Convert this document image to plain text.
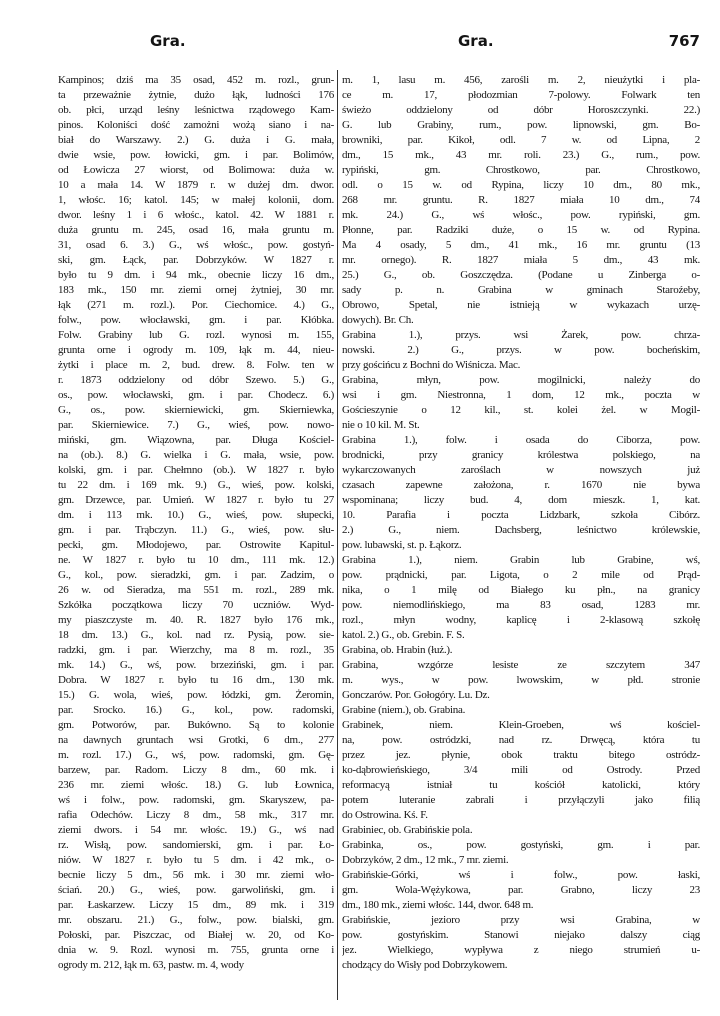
Gra.	Gra.	767
Kampinos; dziś ma 35 osad, 452 m. rozl., grun-
ta przeważnie żytnie, dużo łąk, ludności 176
ob. płci, urząd leśny leśnictwa rządowego Kam-
pinos. Koloniści dość zamożni wożą siano i na-
biał do Warszawy. 2.) G. duża i G. mała,
dwie wsie, pow. łowicki, gm. i par. Bolimów,
od Łowicza 27 wiorst, od Bolimowa: duża w.
10 a mała 14. W 1879 r. w dużej dm. dwor.
1, włośc. 16; katol. 145; w małej kolonii, dom.
dwor. leśny 1 i 6 włośc., katol. 42. W 1881 r.
duża gruntu m. 245, osad 16, mała gruntu m.
31, osad 6. 3.) G., wś włośc., pow. gostyń-
ski, gm. Łąck, par. Dobrzyków. W 1827 r.
było tu 9 dm. i 94 mk., obecnie liczy 16 dm.,
183 mk., 150 mr. ziemi ornej żytniej, 30 mr.
łąk (271 m. rozl.). Por. Ciechomice. 4.) G.,
folw., pow. włocławski, gm. i par. Kłóbka.
Folw. Grabiny lub G. rozl. wynosi m. 155,
grunta orne i ogrody m. 109, łąk m. 44, nieu-
żytki i place m. 2, bud. drew. 8. Folw. ten w
r. 1873 oddzielony od dóbr Szewo. 5.) G.,
os., pow. włocławski, gm. i par. Chodecz. 6.)
G., os., pow. skierniewicki, gm. Skierniewka,
par. Skierniewice. 7.) G., wieś, pow. nowo-
miński, gm. Wiązowna, par. Długa Kościel-
na (ob.). 8.) G. wielka i G. mała, wsie, pow.
kolski, gm. i par. Chełmno (ob.). W 1827 r. było
tu 22 dm. i 169 mk. 9.) G., wieś, pow. kolski,
gm. Drzewce, par. Umień. W 1827 r. było tu 27
dm. i 113 mk. 10.) G., wieś, pow. słupecki,
gm. i par. Trąbczyn. 11.) G., wieś, pow. słu-
pecki, gm. Młodojewo, par. Ostrowite Kapitul-
ne. W 1827 r. było tu 10 dm., 111 mk. 12.)
G., kol., pow. sieradzki, gm. i par. Zadzim, o
26 w. od Sieradza, ma 551 m. rozl., 289 mk.
Szkółka początkowa liczy 70 uczniów. Wyd-
my piaszczyste m. 40. R. 1827 było 176 mk.,
18 dm. 13.) G., kol. nad rz. Pysią, pow. sie-
radzki, gm. i par. Wierzchy, ma 8 m. rozl., 35
mk. 14.) G., wś, pow. brzeziński, gm. i par.
Dobra. W 1827 r. było tu 16 dm., 130 mk.
15.) G. wola, wieś, pow. łódzki, gm. Żeromin,
par. Srocko. 16.) G., kol., pow. radomski,
gm. Potworów, par. Bukówno. Są to kolonie
na dawnych gruntach wsi Grotki, 6 dm., 277
m. rozl. 17.) G., wś, pow. radomski, gm. Gę-
barzew, par. Radom. Liczy 8 dm., 60 mk. i
236 mr. ziemi włośc. 18.) G. lub Łownica,
wś i folw., pow. radomski, gm. Skaryszew, pa-
rafia Odechów. Liczy 8 dm., 58 mk., 317 mr.
ziemi dwors. i 54 mr. włośc. 19.) G., wś nad
rz. Wisłą, pow. sandomierski, gm. i par. Ło-
niów. W 1827 r. było tu 5 dm. i 42 mk., o-
becnie liczy 5 dm., 56 mk. i 30 mr. ziemi wło-
ściań. 20.) G., wieś, pow. garwoliński, gm. i
par. Łaskarzew. Liczy 15 dm., 89 mk. i 319
mr. obszaru. 21.) G., folw., pow. bialski, gm.
Połoski, par. Piszczac, od Białej w. 20, od Ko-
dnia w. 9. Rozl. wynosi m. 755, grunta orne i
ogrody m. 212, łąk m. 63, pastw. m. 4, wody
m. 1, lasu m. 456, zarośli m. 2, nieużytki i pla-
ce m. 17, płodozmian 7-polowy. Folwark ten
świeżo oddzielony od dóbr Horoszczynki. 22.)
G. lub Grabiny, rum., pow. lipnowski, gm. Bo-
browniki, par. Kikoł, odl. 7 w. od Lipna, 2
dm., 15 mk., 43 mr. roli. 23.) G., rum., pow.
rypiński, gm. Chrostkowo, par. Chrostkowo,
odl. o 15 w. od Rypina, liczy 10 dm., 80 mk.,
268 mr. gruntu. R. 1827 miała 10 dm., 74
mk. 24.) G., wś włośc., pow. rypiński, gm.
Płonne, par. Radziki duże, o 15 w. od Rypina.
Ma 4 osady, 5 dm., 41 mk., 16 mr. gruntu (13
mr. ornego). R. 1827 miała 5 dm., 43 mk.
25.) G., ob. Goszczędza. (Podane u Zinberga o-
sady p. n. Grabina w gminach Staroźeby,
Obrowo, Spetal, nie istnieją w wykazach urzę-
dowych). Br. Ch.
Grabina 1.), przys. wsi Żarek, pow. chrza-
nowski. 2.) G., przys. w pow. bocheńskim,
przy gościńcu z Bochni do Wiśnicza. Mac.
Grabina, młyn, pow. mogilnicki, należy do
wsi i gm. Niestronna, 1 dom, 12 mk., poczta w
Gościeszynie o 12 kil., st. kolei żel. w Mogil-
nie o 10 kil. M. St.
Grabina 1.), folw. i osada do Ciborza, pow.
brodnicki, przy granicy królestwa polskiego, na
wykarczowanych zaroślach w nowszych już
czasach zapewne założona, r. 1670 nie bywa
wspominana; liczy bud. 4, dom mieszk. 1, kat.
10. Parafia i poczta Lidzbark, szkoła Cibórz.
2.) G., niem. Dachsberg, leśnictwo królewskie,
pow. lubawski, st. p. Łąkorz.
Grabina 1.), niem. Grabin lub Grabine, wś,
pow. prądnicki, par. Ligota, o 2 mile od Prąd-
nika, o 1 milę od Białego ku płn., na granicy
pow. niemodlińskiego, ma 83 osad, 1283 mr.
rozl., młyn wodny, kaplicę i 2-klasową szkołę
katol. 2.) G., ob. Grebin. F. S.
Grabina, ob. Hrabin (łuż.).
Grabina, wzgórze lesiste ze szczytem 347
m. wys., w pow. lwowskim, w płd. stronie
Gonczarów. Por. Gołogóry. Lu. Dz.
Grabine (niem.), ob. Grabina.
Grabinek, niem. Klein-Groeben, wś kościel-
na, pow. ostródzki, nad rz. Drwęcą, która tu
przez jez. płynie, obok traktu bitego ostródz-
ko-dąbrowieńskiego, 3/4 mili od Ostrody. Przed
reformacyą istniał tu kościół katolicki, który
potem luteranie zabrali i przyłączyli jako filią
do Ostrowina. Kś. F.
Grabiniec, ob. Grabińskie pola.
Grabinka, os., pow. gostyński, gm. i par.
Dobrzyków, 2 dm., 12 mk., 7 mr. ziemi.
Grabińskie-Górki, wś i folw., pow. łaski,
gm. Wola-Wężykowa, par. Grabno, liczy 23
dm., 180 mk., ziemi włośc. 144, dwor. 648 m.
Grabińskie, jezioro przy wsi Grabina, w
pow. gostyńskim. Stanowi niejako dalszy ciąg
jez. Wielkiego, wypływa z niego strumień u-
chodzący do Wisły pod Dobrzykowem.
